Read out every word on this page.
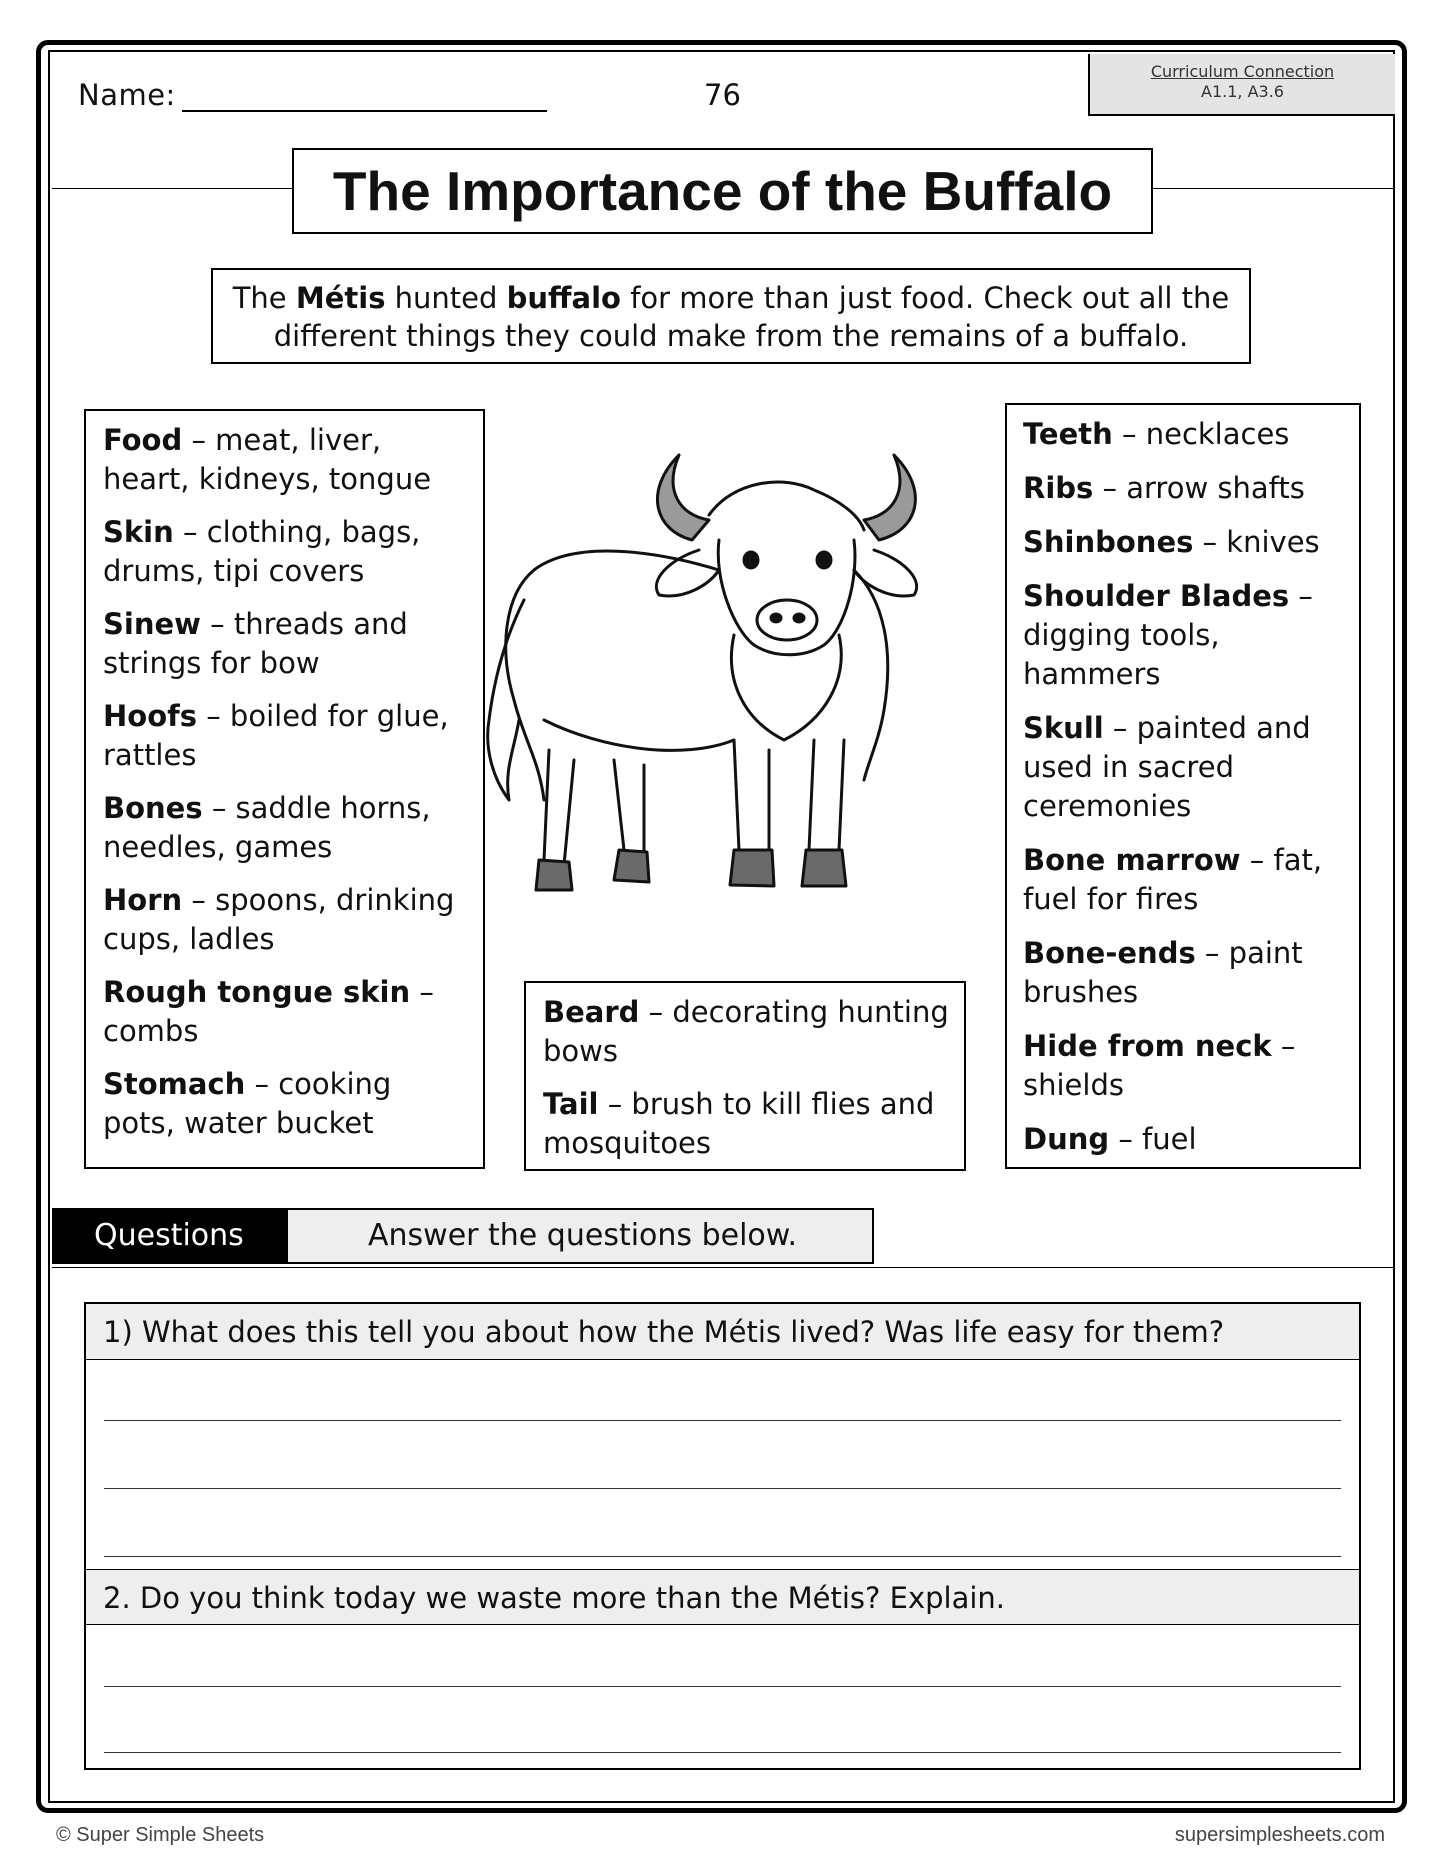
Name:	76
Curriculum Connection
A1.1, A3.6
The Importance of the Buffalo
The Métis hunted buffalo for more than just food. Check out all the different things they could make from the remains of a buffalo.
Food – meat, liver, heart, kidneys, tongue
Skin – clothing, bags, drums, tipi covers
Sinew – threads and strings for bow
Hoofs – boiled for glue, rattles
Bones – saddle horns, needles, games
Horn – spoons, drinking cups, ladles
Rough tongue skin – combs
Stomach – cooking pots, water bucket
Beard – decorating hunting bows
Tail – brush to kill flies and mosquitoes
Teeth – necklaces
Ribs – arrow shafts
Shinbones – knives
Shoulder Blades – digging tools, hammers
Skull – painted and used in sacred ceremonies
Bone marrow – fat, fuel for fires
Bone-ends – paint brushes
Hide from neck – shields
Dung – fuel
Questions	Answer the questions below.
1) What does this tell you about how the Métis lived? Was life easy for them?
2. Do you think today we waste more than the Métis? Explain.
© Super Simple Sheets	supersimplesheets.com
